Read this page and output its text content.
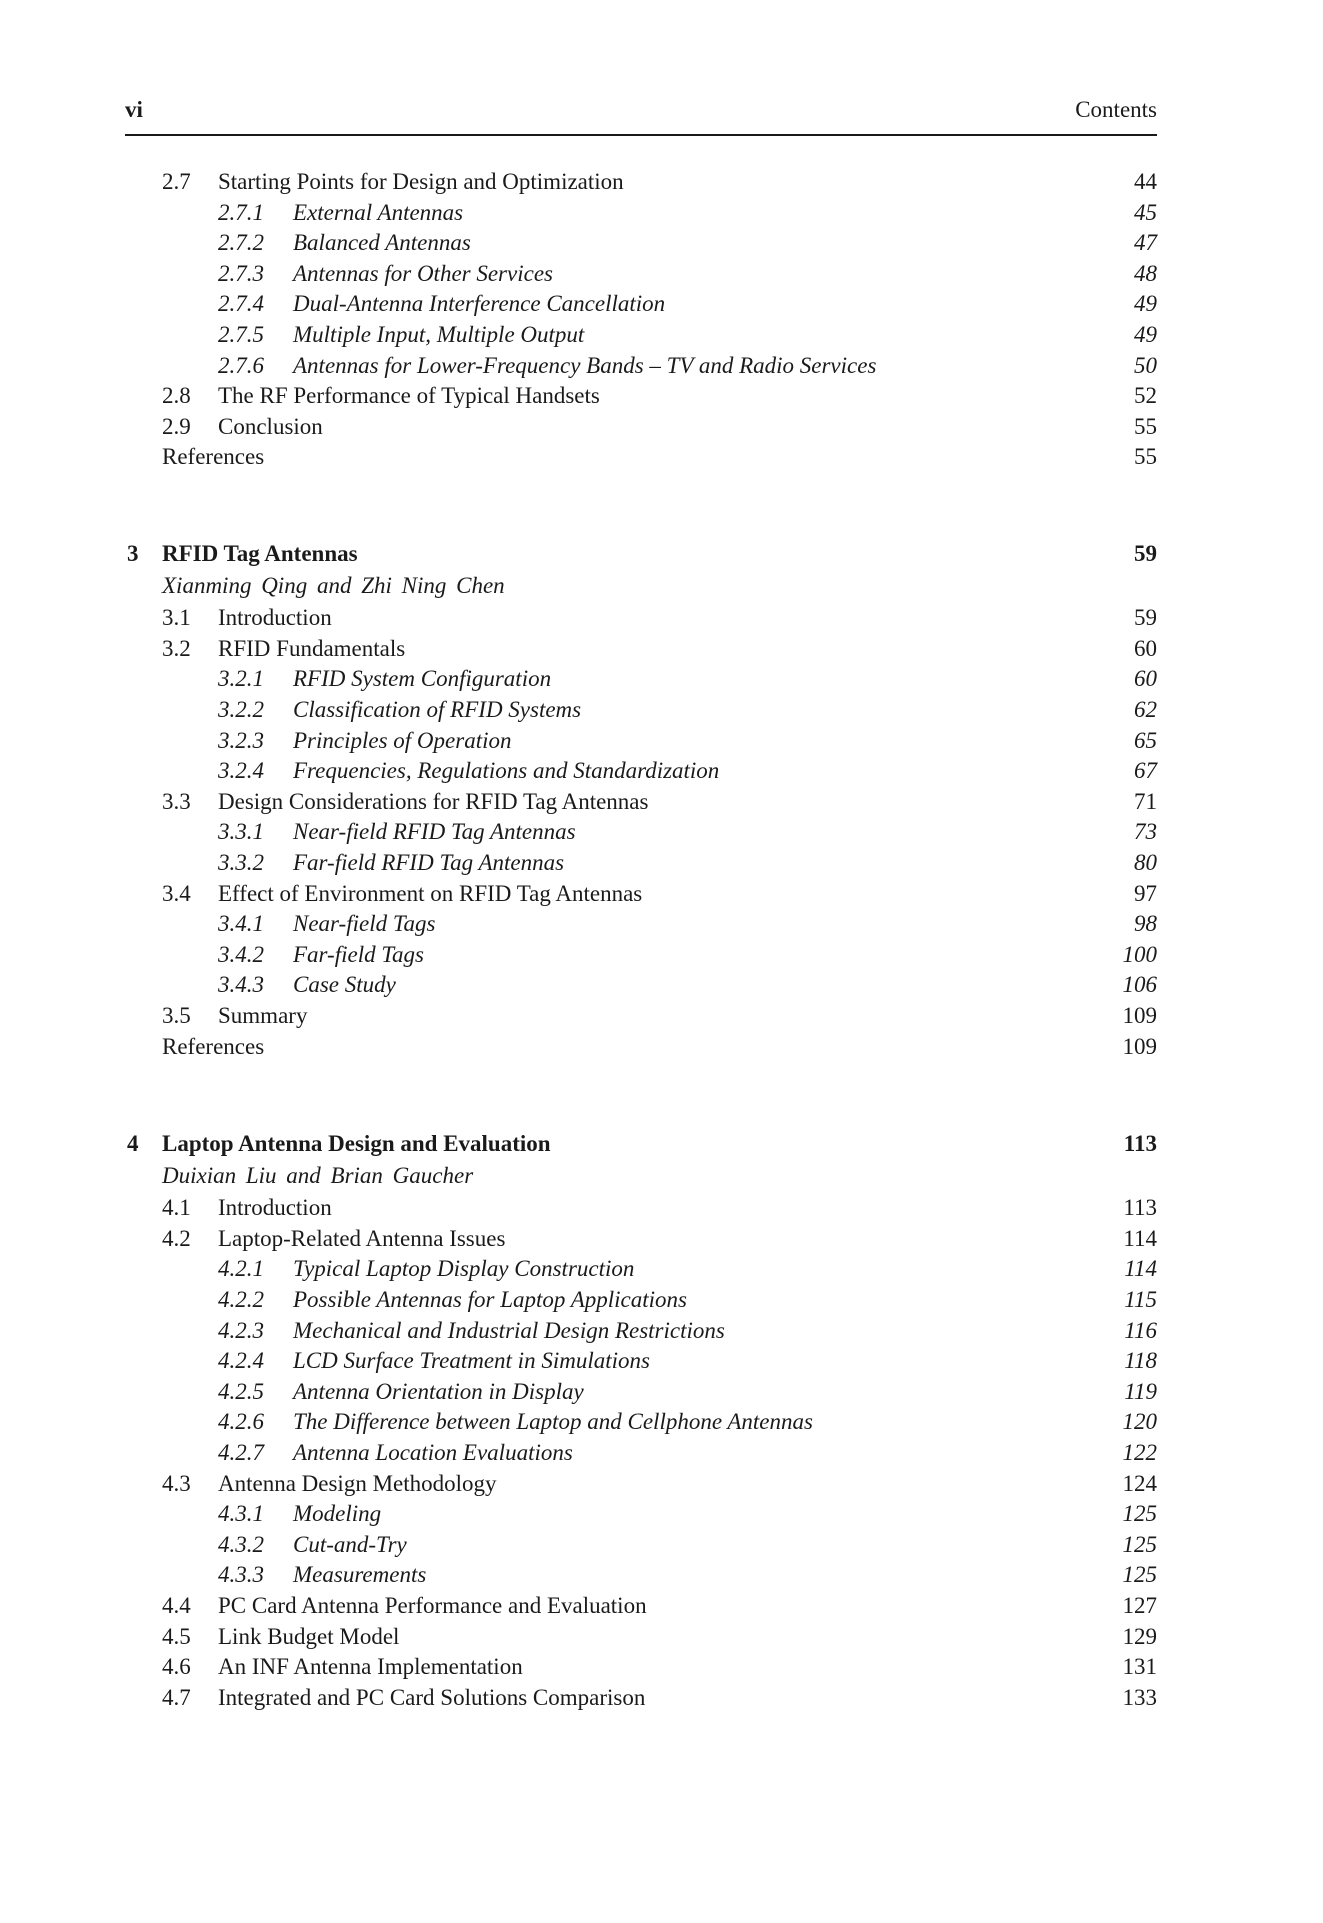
vi	Contents
2.7 Starting Points for Design and Optimization	44
2.7.1 External Antennas	45
2.7.2 Balanced Antennas	47
2.7.3 Antennas for Other Services	48
2.7.4 Dual-Antenna Interference Cancellation	49
2.7.5 Multiple Input, Multiple Output	49
2.7.6 Antennas for Lower-Frequency Bands – TV and Radio Services	50
2.8 The RF Performance of Typical Handsets	52
2.9 Conclusion	55
References	55
3 RFID Tag Antennas	59
Xianming Qing and Zhi Ning Chen
3.1 Introduction	59
3.2 RFID Fundamentals	60
3.2.1 RFID System Configuration	60
3.2.2 Classification of RFID Systems	62
3.2.3 Principles of Operation	65
3.2.4 Frequencies, Regulations and Standardization	67
3.3 Design Considerations for RFID Tag Antennas	71
3.3.1 Near-field RFID Tag Antennas	73
3.3.2 Far-field RFID Tag Antennas	80
3.4 Effect of Environment on RFID Tag Antennas	97
3.4.1 Near-field Tags	98
3.4.2 Far-field Tags	100
3.4.3 Case Study	106
3.5 Summary	109
References	109
4 Laptop Antenna Design and Evaluation	113
Duixian Liu and Brian Gaucher
4.1 Introduction	113
4.2 Laptop-Related Antenna Issues	114
4.2.1 Typical Laptop Display Construction	114
4.2.2 Possible Antennas for Laptop Applications	115
4.2.3 Mechanical and Industrial Design Restrictions	116
4.2.4 LCD Surface Treatment in Simulations	118
4.2.5 Antenna Orientation in Display	119
4.2.6 The Difference between Laptop and Cellphone Antennas	120
4.2.7 Antenna Location Evaluations	122
4.3 Antenna Design Methodology	124
4.3.1 Modeling	125
4.3.2 Cut-and-Try	125
4.3.3 Measurements	125
4.4 PC Card Antenna Performance and Evaluation	127
4.5 Link Budget Model	129
4.6 An INF Antenna Implementation	131
4.7 Integrated and PC Card Solutions Comparison	133
